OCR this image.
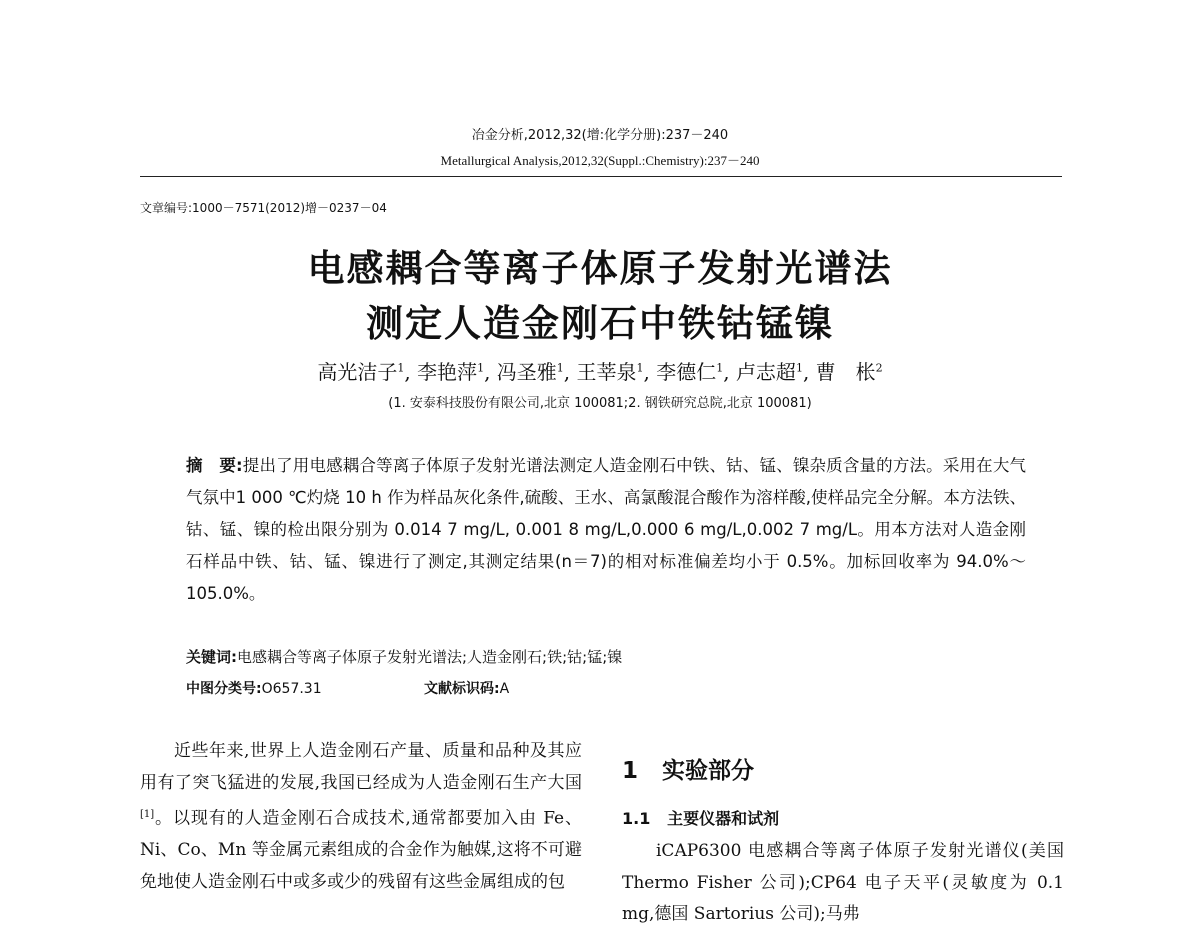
冶金分析,2012,32(增:化学分册):237－240
Metallurgical Analysis,2012,32(Suppl.:Chemistry):237－240
文章编号:1000－7571(2012)增－0237－04
电感耦合等离子体原子发射光谱法
测定人造金刚石中铁钴锰镍
高光洁子$^1$, 李艳萍$^1$, 冯圣雅$^1$, 王莘泉$^1$, 李德仁$^1$, 卢志超$^1$, 曹　枨$^2$
(1. 安泰科技股份有限公司,北京 100081;2. 钢铁研究总院,北京 100081)
摘　要:提出了用电感耦合等离子体原子发射光谱法测定人造金刚石中铁、钴、锰、镍杂质含量的方法。采用在大气气氛中1 000 ℃灼烧 10 h 作为样品灰化条件,硫酸、王水、高氯酸混合酸作为溶样酸,使样品完全分解。本方法铁、钴、锰、镍的检出限分别为 0.014 7 mg/L, 0.001 8 mg/L,0.000 6 mg/L,0.002 7 mg/L。用本方法对人造金刚石样品中铁、钴、锰、镍进行了测定,其测定结果(n＝7)的相对标准偏差均小于 0.5%。加标回收率为 94.0%～105.0%。
关键词:电感耦合等离子体原子发射光谱法;人造金刚石;铁;钴;锰;镍
中图分类号:O657.31	文献标识码:A

近些年来,世界上人造金刚石产量、质量和品种及其应用有了突飞猛进的发展,我国已经成为人造金刚石生产大国[1]。以现有的人造金刚石合成技术,通常都要加入由 Fe、Ni、Co、Mn 等金属元素组成的合金作为触媒,这将不可避免地使人造金刚石中或多或少的残留有这些金属组成的包

1 实验部分
1.1 主要仪器和试剂

iCAP6300 电感耦合等离子体原子发射光谱仪(美国 Thermo Fisher 公司);CP64 电子天平(灵敏度为 0.1 mg,德国 Sartorius 公司);马弗
